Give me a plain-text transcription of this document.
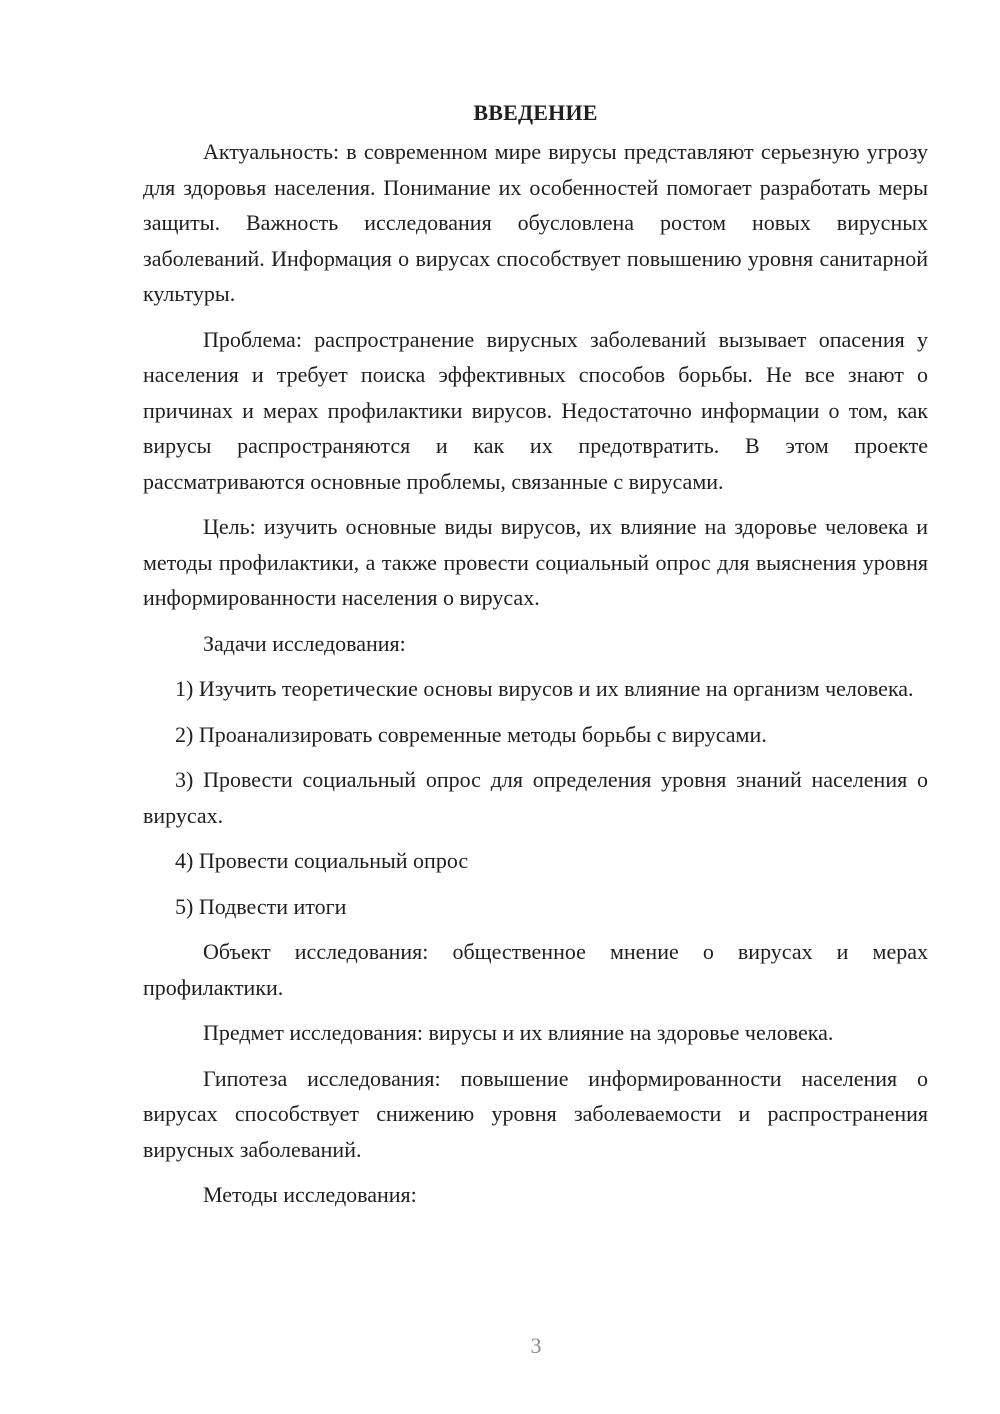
ВВЕДЕНИЕ

Актуальность: в современном мире вирусы представляют серьезную угрозу для здоровья населения. Понимание их особенностей помогает разработать меры защиты. Важность исследования обусловлена ростом новых вирусных заболеваний. Информация о вирусах способствует повышению уровня санитарной культуры.

Проблема: распространение вирусных заболеваний вызывает опасения у населения и требует поиска эффективных способов борьбы. Не все знают о причинах и мерах профилактики вирусов. Недостаточно информации о том, как вирусы распространяются и как их предотвратить. В этом проекте рассматриваются основные проблемы, связанные с вирусами.

Цель: изучить основные виды вирусов, их влияние на здоровье человека и методы профилактики, а также провести социальный опрос для выяснения уровня информированности населения о вирусах.

Задачи исследования:

1) Изучить теоретические основы вирусов и их влияние на организм человека.

2) Проанализировать современные методы борьбы с вирусами.

3) Провести социальный опрос для определения уровня знаний населения о вирусах.

4) Провести социальный опрос

5) Подвести итоги

Объект исследования: общественное мнение о вирусах и мерах профилактики.

Предмет исследования: вирусы и их влияние на здоровье человека.

Гипотеза исследования: повышение информированности населения о вирусах способствует снижению уровня заболеваемости и распространения вирусных заболеваний.

Методы исследования:

3
